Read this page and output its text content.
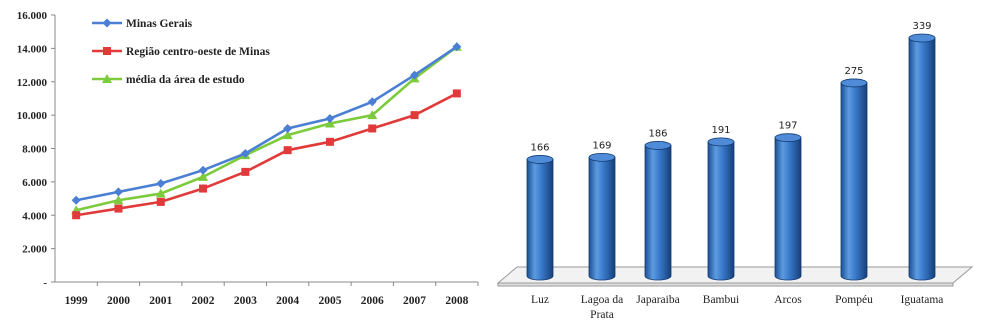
-
2.000
4.000
6.000
8.000
10.000
12.000
14.000
16.000
1999 2000 2001 2002 2003 2004 2005 2006 2007 2008
Minas Gerais
Região centro-oeste de Minas
média da área de estudo
166
Luz
169
Lagoa da Prata
186
Japaraiba
191
Bambui
197
Arcos
275
Pompéu
339
Iguatama
